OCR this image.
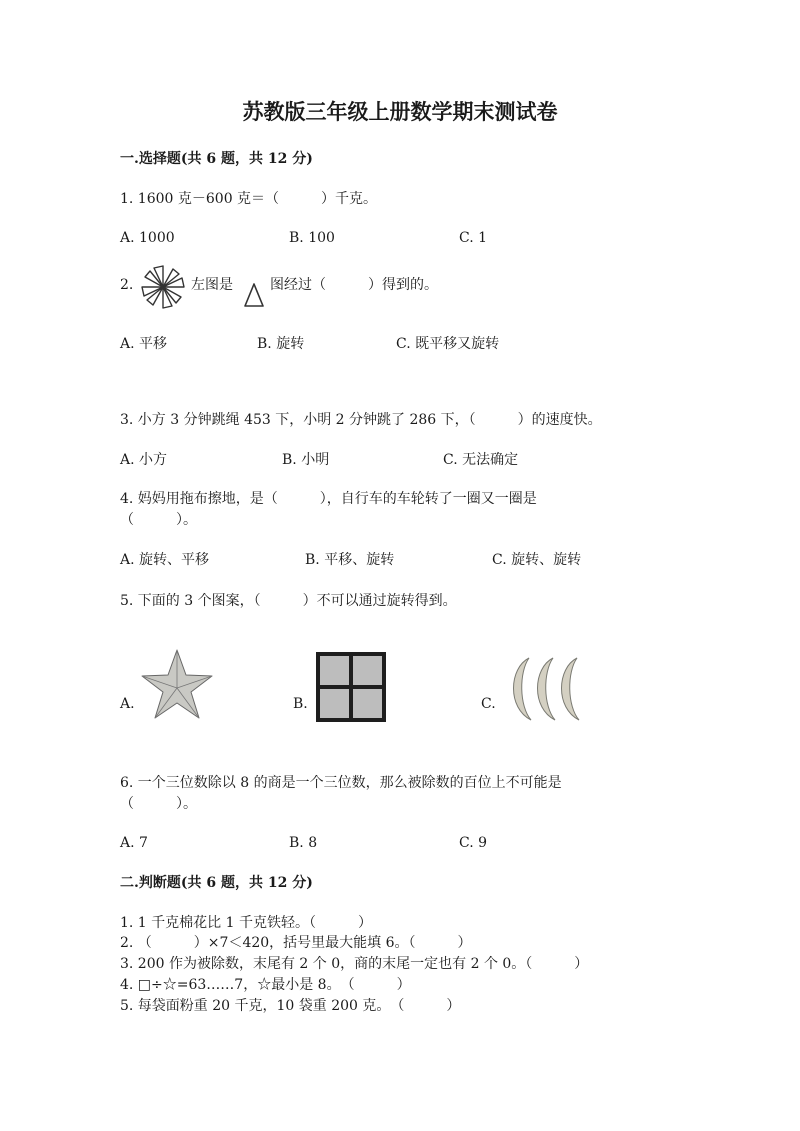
苏教版三年级上册数学期末测试卷
一.选择题(共 6 题，共 12 分)
1. 1600 克－600 克＝（　　　）千克。
A. 1000	B. 100	C. 1
2.	左图是	图经过（　　　）得到的。
A. 平移	B. 旋转	C. 既平移又旋转
3. 小方 3 分钟跳绳 453 下，小明 2 分钟跳了 286 下，（　　　）的速度快。
A. 小方	B. 小明	C. 无法确定
4. 妈妈用拖布擦地，是（　　　），自行车的车轮转了一圈又一圈是
（　　　）。
A. 旋转、平移	B. 平移、旋转	C. 旋转、旋转
5. 下面的 3 个图案，（　　　）不可以通过旋转得到。
A.	B.	C.
6. 一个三位数除以 8 的商是一个三位数，那么被除数的百位上不可能是
（　　　）。
A. 7	B. 8	C. 9
二.判断题(共 6 题，共 12 分)
1. 1 千克棉花比 1 千克铁轻。（　　　）
2. （　　　）×7＜420，括号里最大能填 6。（　　　）
3. 200 作为被除数，末尾有 2 个 0，商的末尾一定也有 2 个 0。（　　　）
4. □÷☆=63……7，☆最小是 8。　（　　　）
5. 每袋面粉重 20 千克，10 袋重 200 克。　（　　　）
